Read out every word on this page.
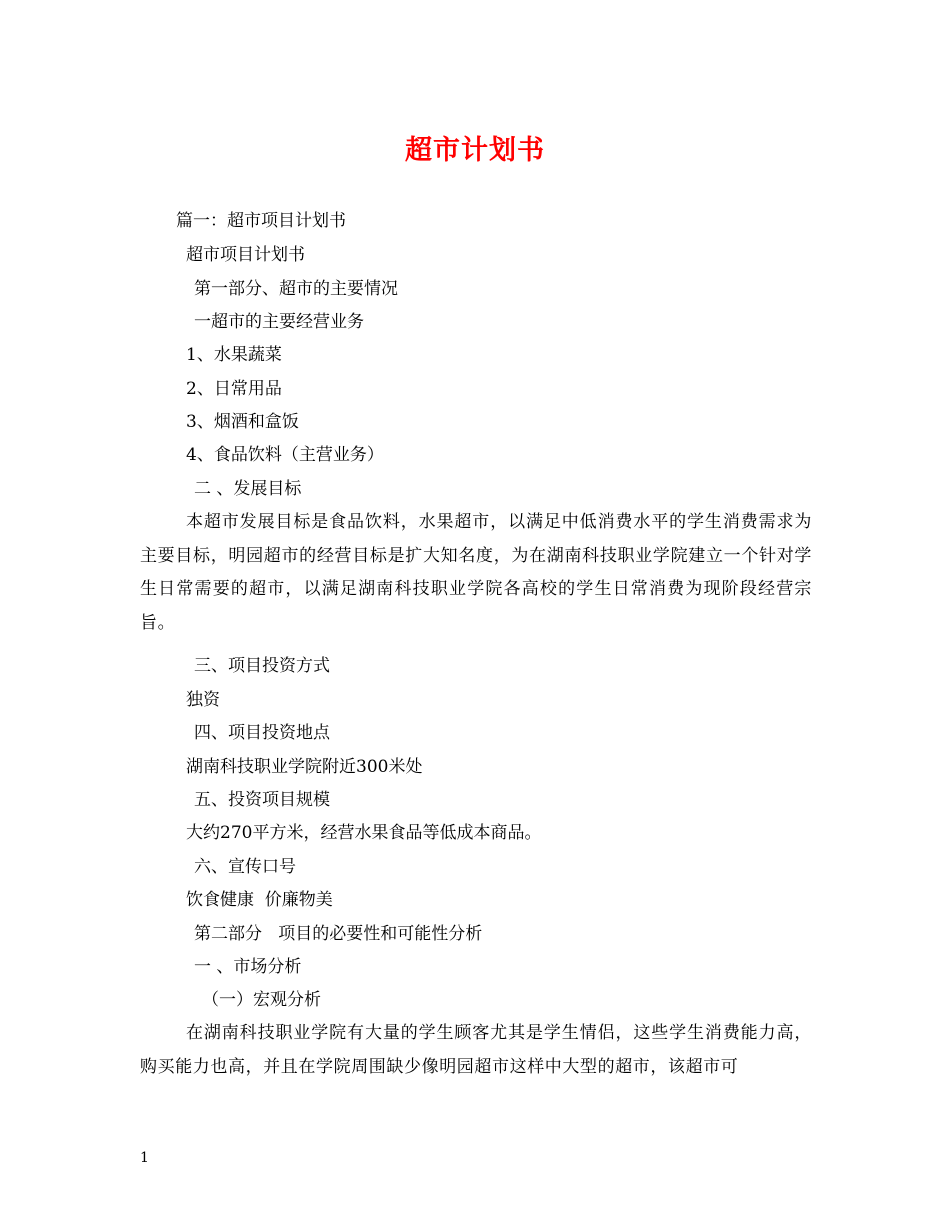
超市计划书

篇一：超市项目计划书

超市项目计划书

第一部分、超市的主要情况

一超市的主要经营业务

1、水果蔬菜

2、日常用品

3、烟酒和盒饭

4、食品饮料（主营业务）

二 、发展目标

本超市发展目标是食品饮料，水果超市，以满足中低消费水平的学生消费需求为主要目标，明园超市的经营目标是扩大知名度，为在湖南科技职业学院建立一个针对学生日常需要的超市，以满足湖南科技职业学院各高校的学生日常消费为现阶段经营宗旨。

三、项目投资方式

独资

四、项目投资地点

湖南科技职业学院附近300米处

五、投资项目规模

大约270平方米，经营水果食品等低成本商品。

六、宣传口号

饮食健康  价廉物美

第二部分   项目的必要性和可能性分析

一 、市场分析

（一）宏观分析

在湖南科技职业学院有大量的学生顾客尤其是学生情侣，这些学生消费能力高，购买能力也高，并且在学院周围缺少像明园超市这样中大型的超市，该超市可

1
